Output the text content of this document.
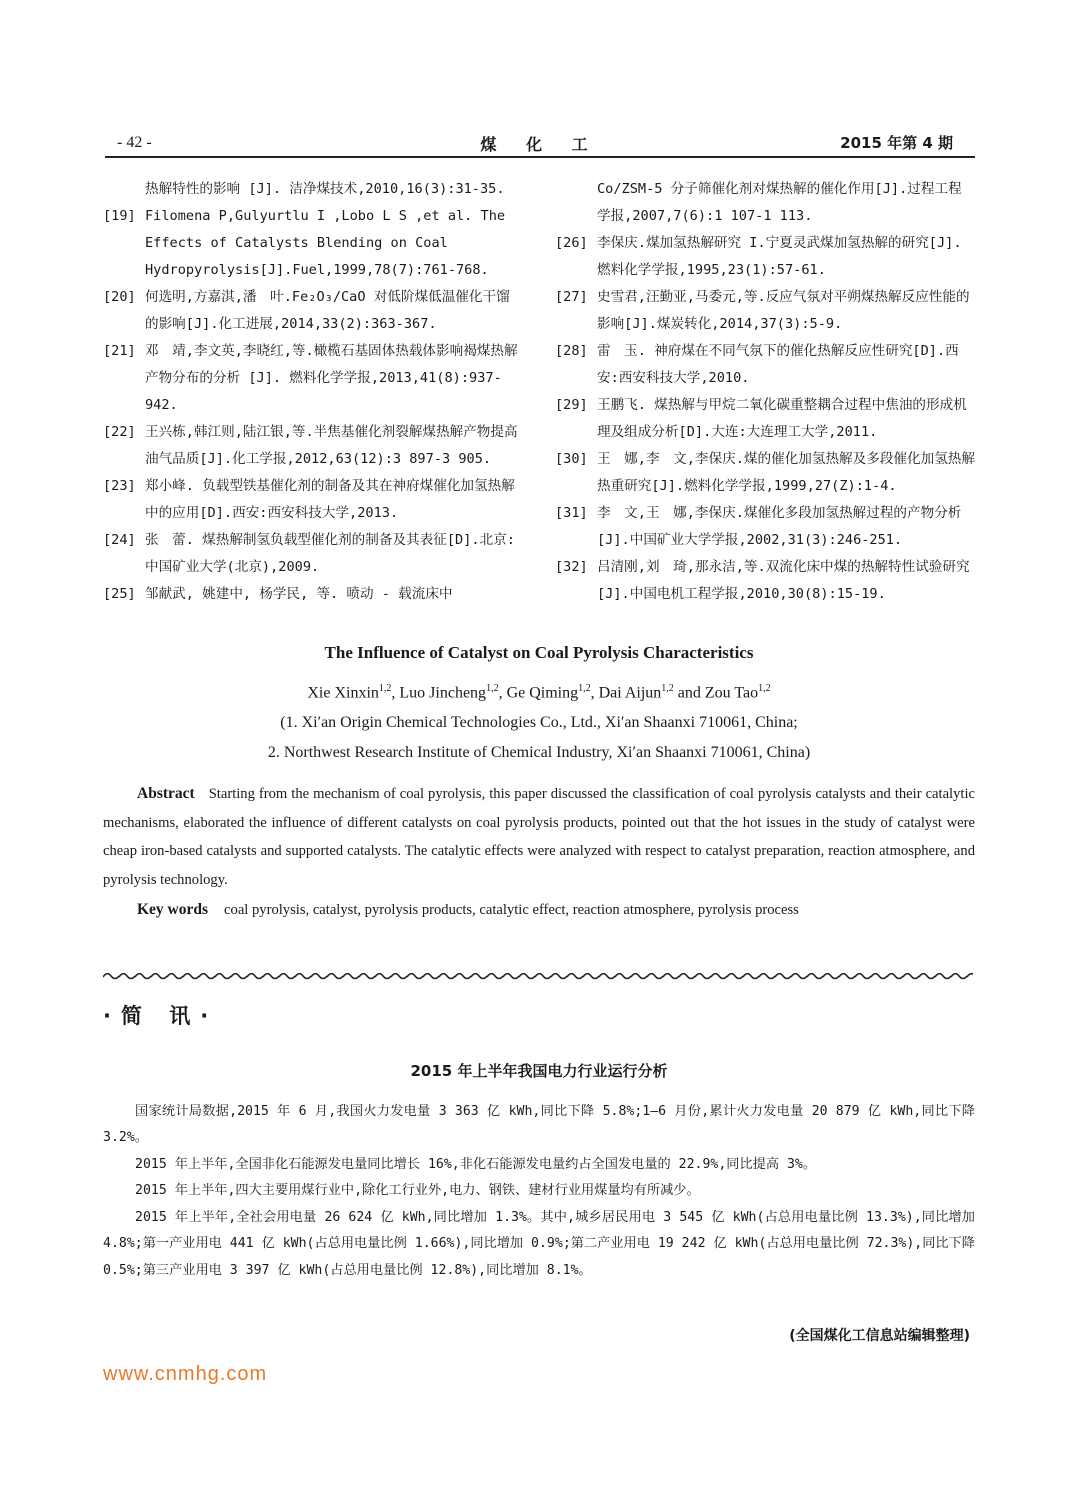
- 42 -	煤 化 工	2015 年第 4 期
热解特性的影响 [J]. 洁净煤技术,2010,16(3):31-35.
[19] Filomena P,Gulyurtlu I ,Lobo L S ,et al. The Effects of Catalysts Blending on Coal Hydropyrolysis[J].Fuel,1999,78(7):761-768.
[20] 何选明,方嘉淇,潘　叶.Fe₂O₃/CaO 对低阶煤低温催化干馏的影响[J].化工进展,2014,33(2):363-367.
[21] 邓　靖,李文英,李晓红,等.橄榄石基固体热载体影响褐煤热解产物分布的分析 [J]. 燃料化学学报,2013,41(8):937-942.
[22] 王兴栋,韩江则,陆江银,等.半焦基催化剂裂解煤热解产物提高油气品质[J].化工学报,2012,63(12):3 897-3 905.
[23] 郑小峰. 负载型铁基催化剂的制备及其在神府煤催化加氢热解中的应用[D].西安:西安科技大学,2013.
[24] 张　蕾. 煤热解制氢负载型催化剂的制备及其表征[D].北京:中国矿业大学(北京),2009.
[25] 邹献武, 姚建中, 杨学民, 等. 喷动 - 载流床中
Co/ZSM-5 分子筛催化剂对煤热解的催化作用[J].过程工程学报,2007,7(6):1 107-1 113.
[26] 李保庆.煤加氢热解研究 I.宁夏灵武煤加氢热解的研究[J].燃料化学学报,1995,23(1):57-61.
[27] 史雪君,汪勤亚,马委元,等.反应气氛对平朔煤热解反应性能的影响[J].煤炭转化,2014,37(3):5-9.
[28] 雷　玉. 神府煤在不同气氛下的催化热解反应性研究[D].西安:西安科技大学,2010.
[29] 王鹏飞. 煤热解与甲烷二氧化碳重整耦合过程中焦油的形成机理及组成分析[D].大连:大连理工大学,2011.
[30] 王　娜,李　文,李保庆.煤的催化加氢热解及多段催化加氢热解热重研究[J].燃料化学学报,1999,27(Z):1-4.
[31] 李　文,王　娜,李保庆.煤催化多段加氢热解过程的产物分析[J].中国矿业大学学报,2002,31(3):246-251.
[32] 吕清刚,刘　琦,那永洁,等.双流化床中煤的热解特性试验研究[J].中国电机工程学报,2010,30(8):15-19.
The Influence of Catalyst on Coal Pyrolysis Characteristics
Xie Xinxin$^{1,2}$, Luo Jincheng$^{1,2}$, Ge Qiming$^{1,2}$, Dai Aijun$^{1,2}$ and Zou Tao$^{1,2}$
(1. Xi′an Origin Chemical Technologies Co., Ltd., Xi′an Shaanxi 710061, China;
2. Northwest Research Institute of Chemical Industry, Xi′an Shaanxi 710061, China)
Abstract Starting from the mechanism of coal pyrolysis, this paper discussed the classification of coal pyrolysis catalysts and their catalytic mechanisms, elaborated the influence of different catalysts on coal pyrolysis products, pointed out that the hot issues in the study of catalyst were cheap iron-based catalysts and supported catalysts. The catalytic effects were analyzed with respect to catalyst preparation, reaction atmosphere, and pyrolysis technology.
Key words coal pyrolysis, catalyst, pyrolysis products, catalytic effect, reaction atmosphere, pyrolysis process
·简 讯·
2015 年上半年我国电力行业运行分析

国家统计局数据,2015 年 6 月,我国火力发电量 3 363 亿 kWh,同比下降 5.8%;1—6 月份,累计火力发电量 20 879 亿 kWh,同比下降 3.2%。

2015 年上半年,全国非化石能源发电量同比增长 16%,非化石能源发电量约占全国发电量的 22.9%,同比提高 3%。

2015 年上半年,四大主要用煤行业中,除化工行业外,电力、钢铁、建材行业用煤量均有所减少。

2015 年上半年,全社会用电量 26 624 亿 kWh,同比增加 1.3%。其中,城乡居民用电 3 545 亿 kWh(占总用电量比例 13.3%),同比增加 4.8%;第一产业用电 441 亿 kWh(占总用电量比例 1.66%),同比增加 0.9%;第二产业用电 19 242 亿 kWh(占总用电量比例 72.3%),同比下降 0.5%;第三产业用电 3 397 亿 kWh(占总用电量比例 12.8%),同比增加 8.1%。

(全国煤化工信息站编辑整理)
www.cnmhg.com
